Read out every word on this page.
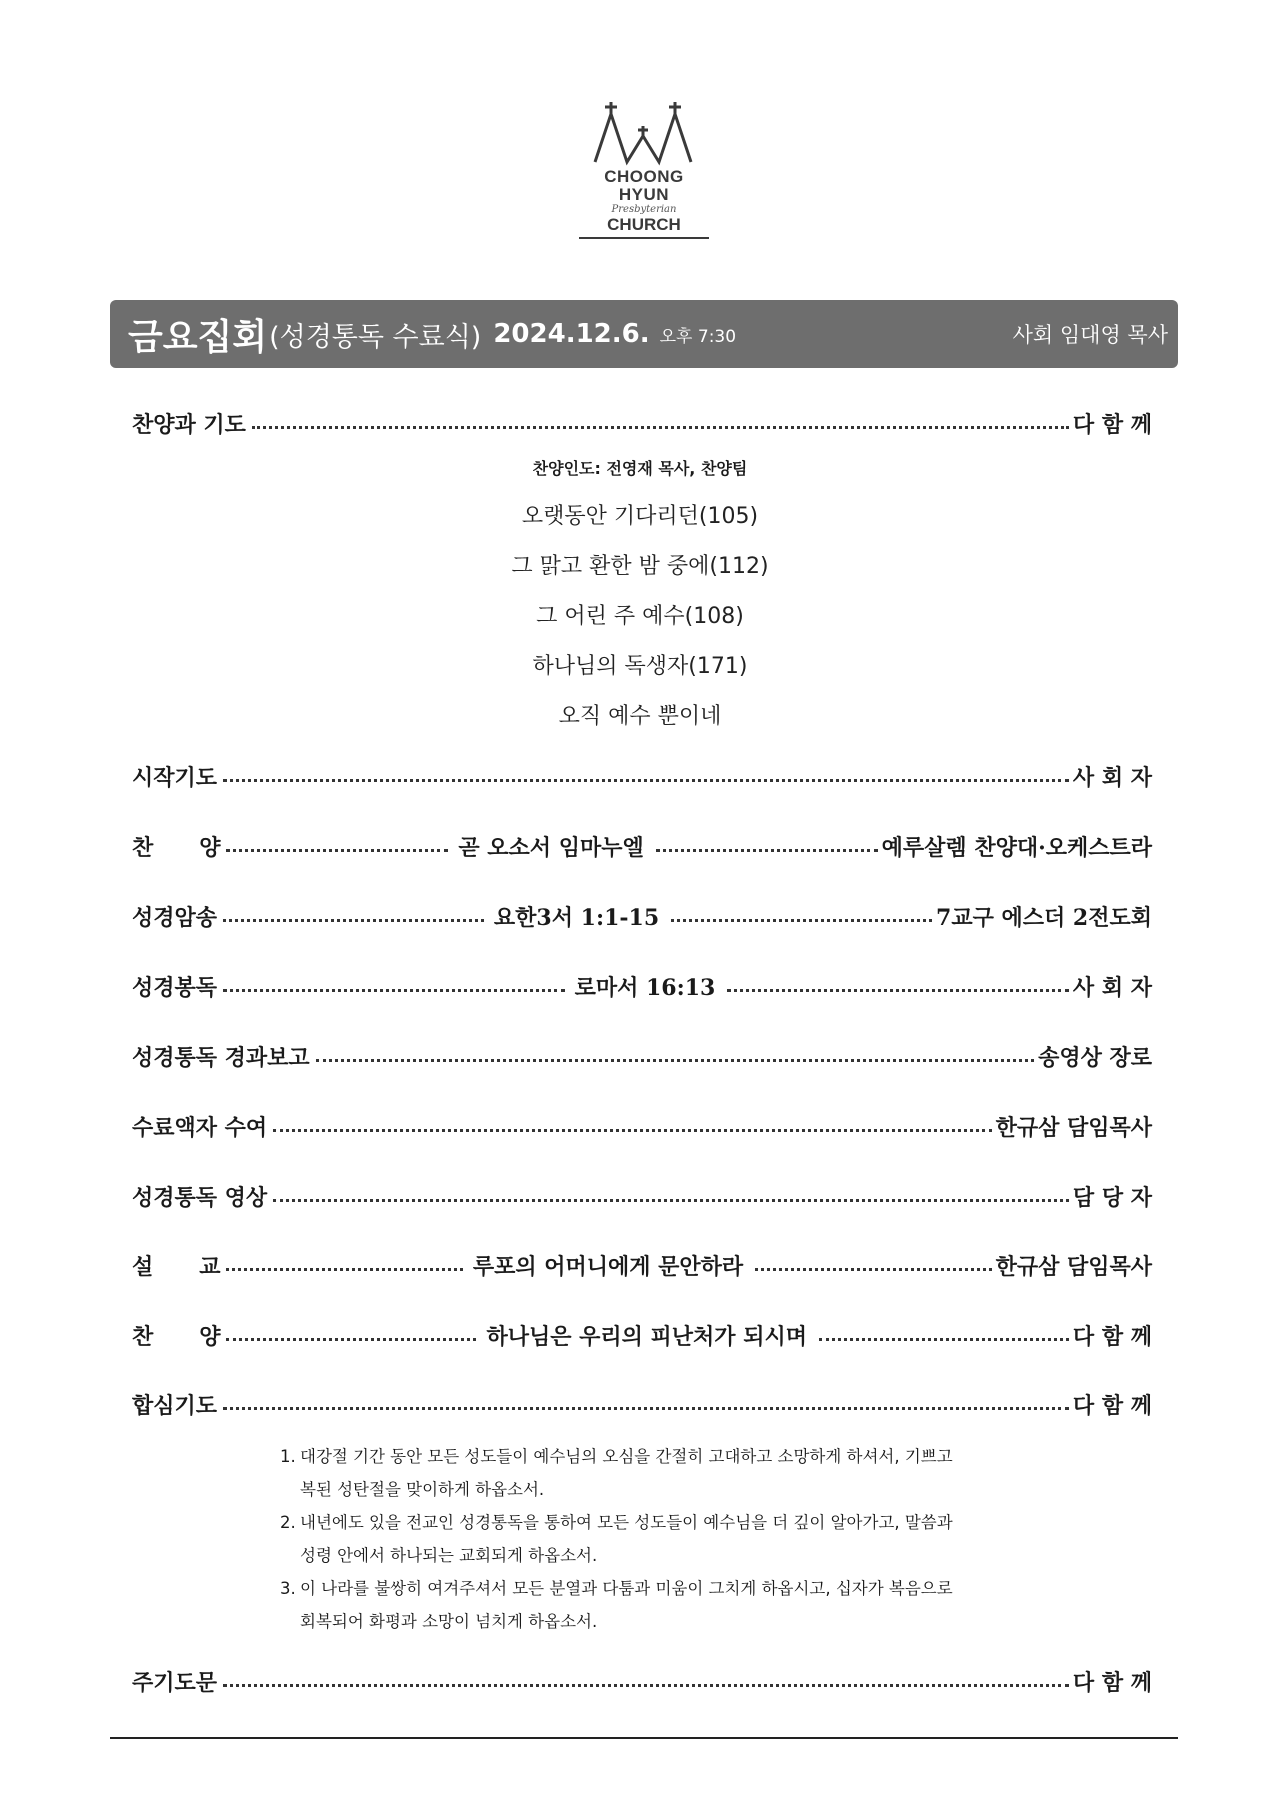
CHOONG HYUN
Presbyterian
CHURCH
금요집회 (성경통독 수료식) 2024.12.6. 오후 7:30	사회 임대영 목사
찬양과 기도	다 함 께
시작기도	사 회 자
찬      양	곧 오소서 임마누엘	예루살렘 찬양대·오케스트라
성경암송	요한3서 1:1-15	7교구 에스더 2전도회
성경봉독	로마서 16:13	사 회 자
성경통독 경과보고	송영상 장로
수료액자 수여	한규삼 담임목사
성경통독 영상	담 당 자
설      교	루포의 어머니에게 문안하라	한규삼 담임목사
찬      양	하나님은 우리의 피난처가 되시며	다 함 께
합심기도	다 함 께
주기도문	다 함 께
찬양인도: 전영재 목사, 찬양팀
오랫동안 기다리던(105)
그 맑고 환한 밤 중에(112)
그 어린 주 예수(108)
하나님의 독생자(171)
오직 예수 뿐이네
1. 대강절 기간 동안 모든 성도들이 예수님의 오심을 간절히 고대하고 소망하게 하셔서, 기쁘고
복된 성탄절을 맞이하게 하옵소서.
2. 내년에도 있을 전교인 성경통독을 통하여 모든 성도들이 예수님을 더 깊이 알아가고, 말씀과
성령 안에서 하나되는 교회되게 하옵소서.
3. 이 나라를 불쌍히 여겨주셔서 모든 분열과 다툼과 미움이 그치게 하옵시고, 십자가 복음으로
회복되어 화평과 소망이 넘치게 하옵소서.
